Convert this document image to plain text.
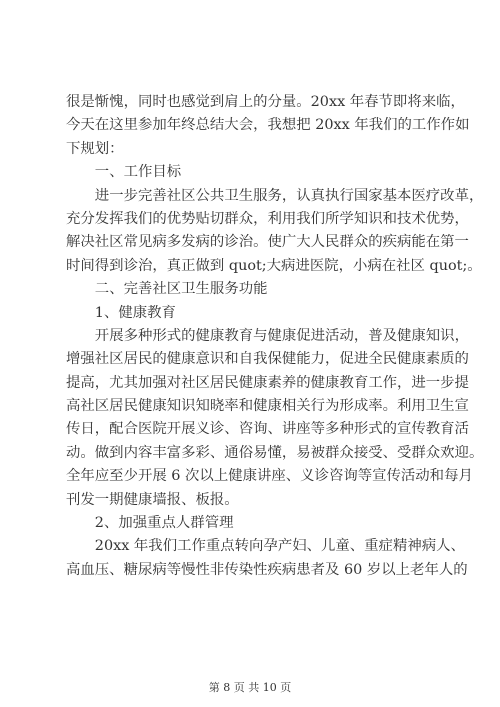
很是惭愧，同时也感觉到肩上的分量。20xx 年春节即将来临，
今天在这里参加年终总结大会，我想把 20xx 年我们的工作作如
下规划：
一、工作目标
进一步完善社区公共卫生服务，认真执行国家基本医疗改革，
充分发挥我们的优势贴切群众，利用我们所学知识和技术优势，
解决社区常见病多发病的诊治。使广大人民群众的疾病能在第一
时间得到诊治，真正做到 quot;大病进医院，小病在社区 quot;。
二、完善社区卫生服务功能
1、健康教育
开展多种形式的健康教育与健康促进活动，普及健康知识，
增强社区居民的健康意识和自我保健能力，促进全民健康素质的
提高，尤其加强对社区居民健康素养的健康教育工作，进一步提
高社区居民健康知识知晓率和健康相关行为形成率。利用卫生宣
传日，配合医院开展义诊、咨询、讲座等多种形式的宣传教育活
动。做到内容丰富多彩、通俗易懂，易被群众接受、受群众欢迎。
全年应至少开展 6 次以上健康讲座、义诊咨询等宣传活动和每月
刊发一期健康墙报、板报。
2、加强重点人群管理
20xx 年我们工作重点转向孕产妇、儿童、重症精神病人、
高血压、糖尿病等慢性非传染性疾病患者及 60 岁以上老年人的
第 8 页 共 10 页
